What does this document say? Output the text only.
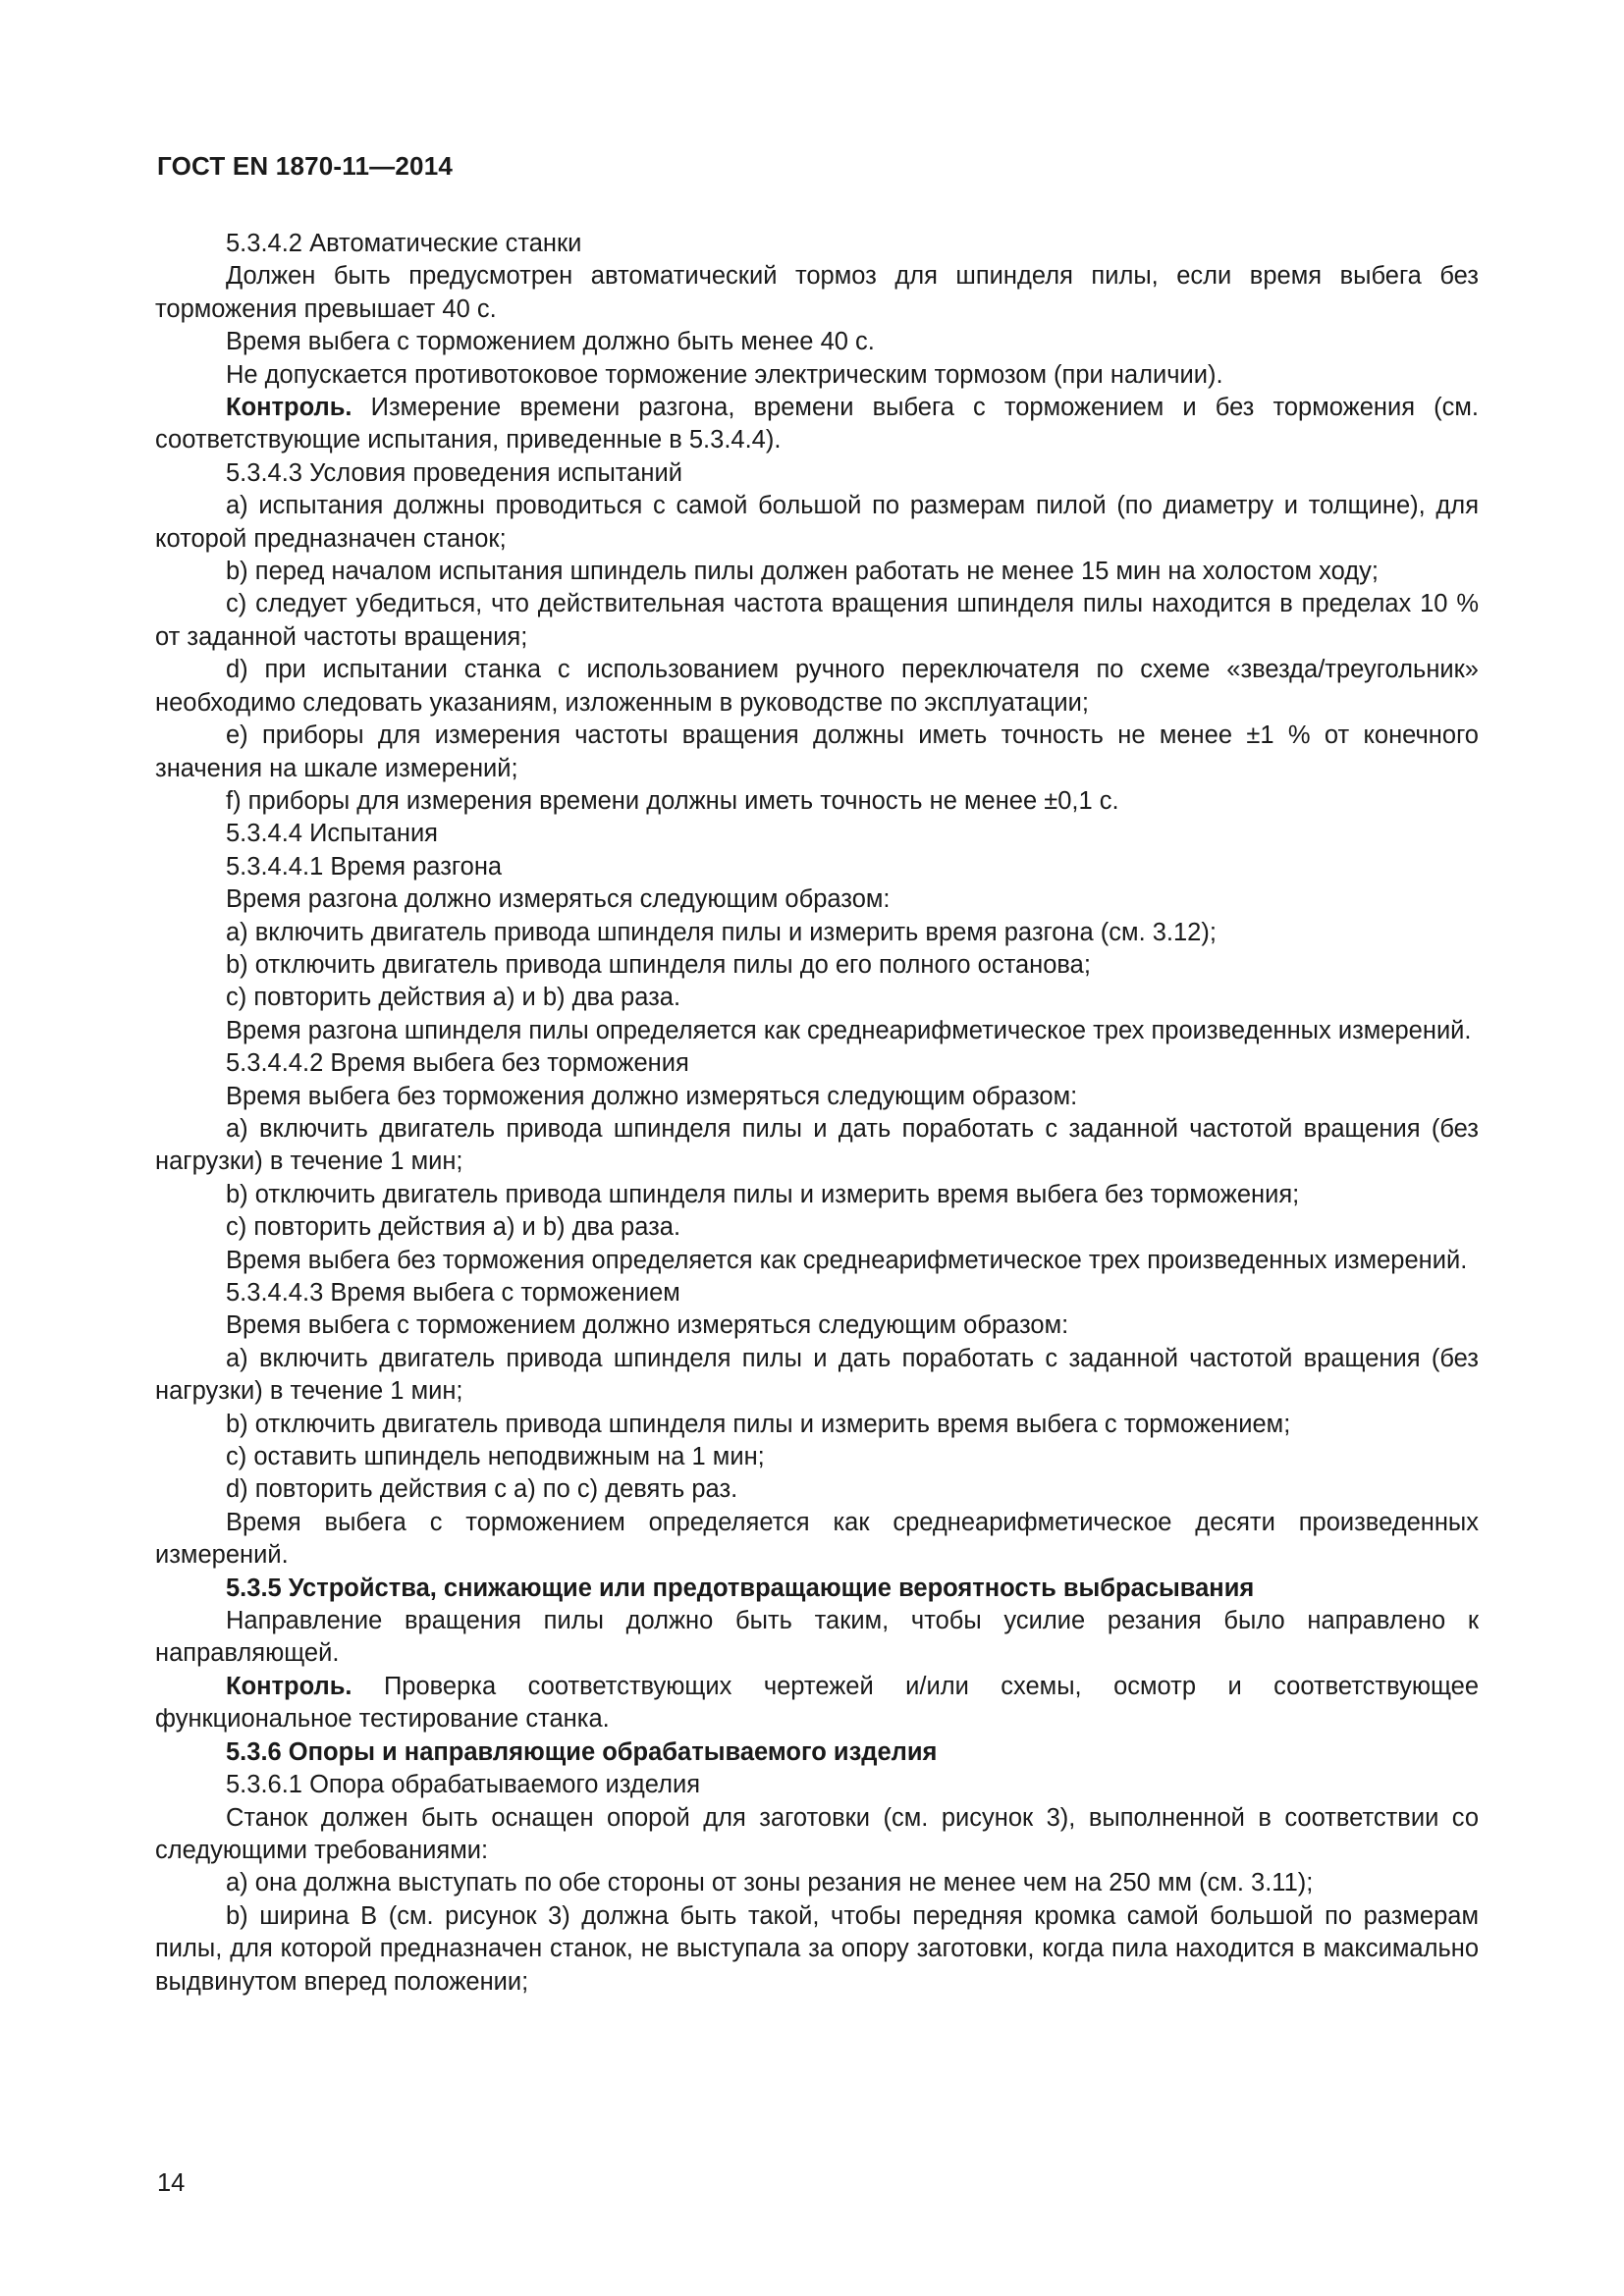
ГОСТ EN 1870-11—2014

5.3.4.2 Автоматические станки

Должен быть предусмотрен автоматический тормоз для шпинделя пилы, если время выбега без торможения превышает 40 с.

Время выбега с торможением должно быть менее 40 с.

Не допускается противотоковое торможение электрическим тормозом (при наличии).

Контроль. Измерение времени разгона, времени выбега с торможением и без торможения (см. соответствующие испытания, приведенные в 5.3.4.4).

5.3.4.3 Условия проведения испытаний

a) испытания должны проводиться с самой большой по размерам пилой (по диаметру и толщине), для которой предназначен станок;

b) перед началом испытания шпиндель пилы должен работать не менее 15 мин на холостом ходу;

c) следует убедиться, что действительная частота вращения шпинделя пилы находится в пределах 10 % от заданной частоты вращения;

d) при испытании станка с использованием ручного переключателя по схеме «звезда/треугольник» необходимо следовать указаниям, изложенным в руководстве по эксплуатации;

e) приборы для измерения частоты вращения должны иметь точность не менее ±1 % от конечного значения на шкале измерений;

f) приборы для измерения времени должны иметь точность не менее ±0,1 с.

5.3.4.4 Испытания

5.3.4.4.1 Время разгона

Время разгона должно измеряться следующим образом:

a) включить двигатель привода шпинделя пилы и измерить время разгона (см. 3.12);

b) отключить двигатель привода шпинделя пилы до его полного останова;

c) повторить действия a) и b) два раза.

Время разгона шпинделя пилы определяется как среднеарифметическое трех произведенных измерений.

5.3.4.4.2 Время выбега без торможения

Время выбега без торможения должно измеряться следующим образом:

a) включить двигатель привода шпинделя пилы и дать поработать с заданной частотой вращения (без нагрузки) в течение 1 мин;

b) отключить двигатель привода шпинделя пилы и измерить время выбега без торможения;

c) повторить действия a) и b) два раза.

Время выбега без торможения определяется как среднеарифметическое трех произведенных измерений.

5.3.4.4.3 Время выбега с торможением

Время выбега с торможением должно измеряться следующим образом:

a) включить двигатель привода шпинделя пилы и дать поработать с заданной частотой вращения (без нагрузки) в течение 1 мин;

b) отключить двигатель привода шпинделя пилы и измерить время выбега с торможением;

c) оставить шпиндель неподвижным на 1 мин;

d) повторить действия с a) по c) девять раз.

Время выбега с торможением определяется как среднеарифметическое десяти произведенных измерений.

5.3.5 Устройства, снижающие или предотвращающие вероятность выбрасывания

Направление вращения пилы должно быть таким, чтобы усилие резания было направлено к направляющей.

Контроль. Проверка соответствующих чертежей и/или схемы, осмотр и соответствующее функциональное тестирование станка.

5.3.6 Опоры и направляющие обрабатываемого изделия

5.3.6.1 Опора обрабатываемого изделия

Станок должен быть оснащен опорой для заготовки (см. рисунок 3), выполненной в соответствии со следующими требованиями:

a) она должна выступать по обе стороны от зоны резания не менее чем на 250 мм (см. 3.11);

b) ширина B (см. рисунок 3) должна быть такой, чтобы передняя кромка самой большой по размерам пилы, для которой предназначен станок, не выступала за опору заготовки, когда пила находится в максимально выдвинутом вперед положении;

14
